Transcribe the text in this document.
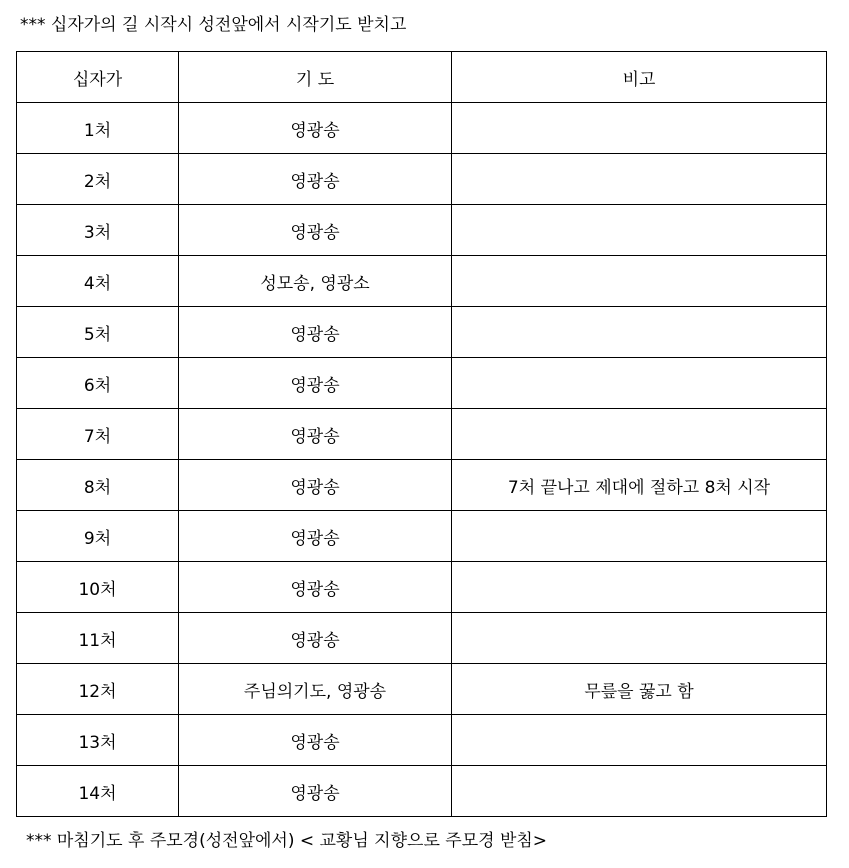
*** 십자가의 길 시작시 성전앞에서 시작기도 받치고
십자가	기 도	비고
1처	영광송	
2처	영광송	
3처	영광송	
4처	성모송, 영광소	
5처	영광송	
6처	영광송	
7처	영광송	
8처	영광송	7처 끝나고 제대에 절하고 8처 시작
9처	영광송	
10처	영광송	
11처	영광송	
12처	주님의기도, 영광송	무릎을 꿇고 함
13처	영광송	
14처	영광송	
*** 마침기도 후 주모경(성전앞에서) < 교황님 지향으로 주모경 받침>
